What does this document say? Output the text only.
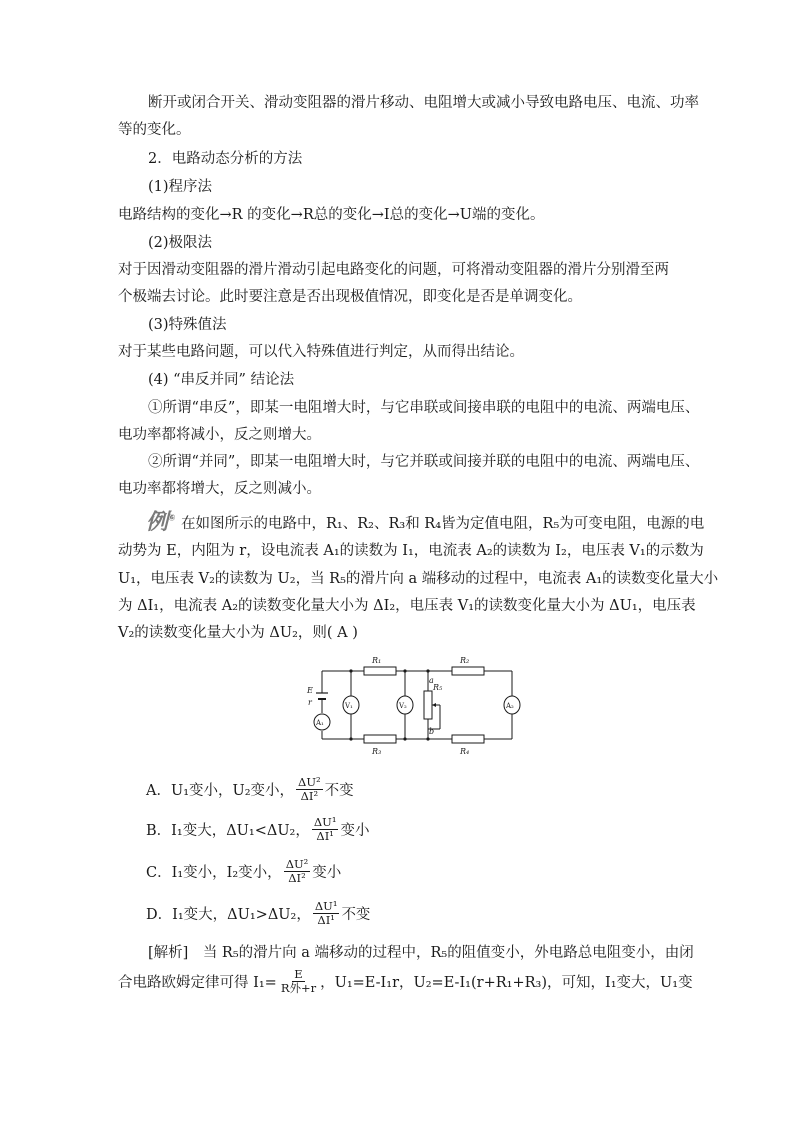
断开或闭合开关、滑动变阻器的滑片移动、电阻增大或减小导致电路电压、电流、功率
等的变化。
2．电路动态分析的方法
(1)程序法
电路结构的变化→R 的变化→R总的变化→I总的变化→U端的变化。
(2)极限法
对于因滑动变阻器的滑片滑动引起电路变化的问题，可将滑动变阻器的滑片分别滑至两
个极端去讨论。此时要注意是否出现极值情况，即变化是否是单调变化。
(3)特殊值法
对于某些电路问题，可以代入特殊值进行判定，从而得出结论。
(4) “串反并同” 结论法
①所谓“串反”，即某一电阻增大时，与它串联或间接串联的电阻中的电流、两端电压、
电功率都将减小，反之则增大。
②所谓“并同”，即某一电阻增大时，与它并联或间接并联的电阻中的电流、两端电压、
电功率都将增大，反之则减小。
例⑥ 在如图所示的电路中，R₁、R₂、R₃和 R₄皆为定值电阻，R₅为可变电阻，电源的电
动势为 E，内阻为 r，设电流表 A₁的读数为 I₁，电流表 A₂的读数为 I₂，电压表 V₁的示数为
U₁，电压表 V₂的读数为 U₂，当 R₅的滑片向 a 端移动的过程中，电流表 A₁的读数变化量大小
为 ΔI₁，电流表 A₂的读数变化量大小为 ΔI₂，电压表 V₁的读数变化量大小为 ΔU₁，电压表
V₂的读数变化量大小为 ΔU₂，则( A )
R₁	R₂
R₃	R₄
R₅
a
b
E
r
A₁
V₁	V₂	A₂
A．U₁变小，U₂变小， $\frac{\text{ΔU²}}{\text{ΔI²}}$ 不变
B．I₁变大，ΔU₁<ΔU₂， $\frac{\text{ΔU¹}}{\text{ΔI¹}}$ 变小
C．I₁变小，I₂变小， $\frac{\text{ΔU²}}{\text{ΔI²}}$ 变小
D．I₁变大，ΔU₁>ΔU₂， $\frac{\text{ΔU¹}}{\text{ΔI¹}}$ 不变
[解析]　当 R₅的滑片向 a 端移动的过程中，R₅的阻值变小，外电路总电阻变小，由闭
合电路欧姆定律可得 $I_1= \frac{E}{\text{R外+r}}$ ，U₁=E-I₁r，U₂=E-I₁(r+R₁+R₃)，可知，I₁变大，U₁变
